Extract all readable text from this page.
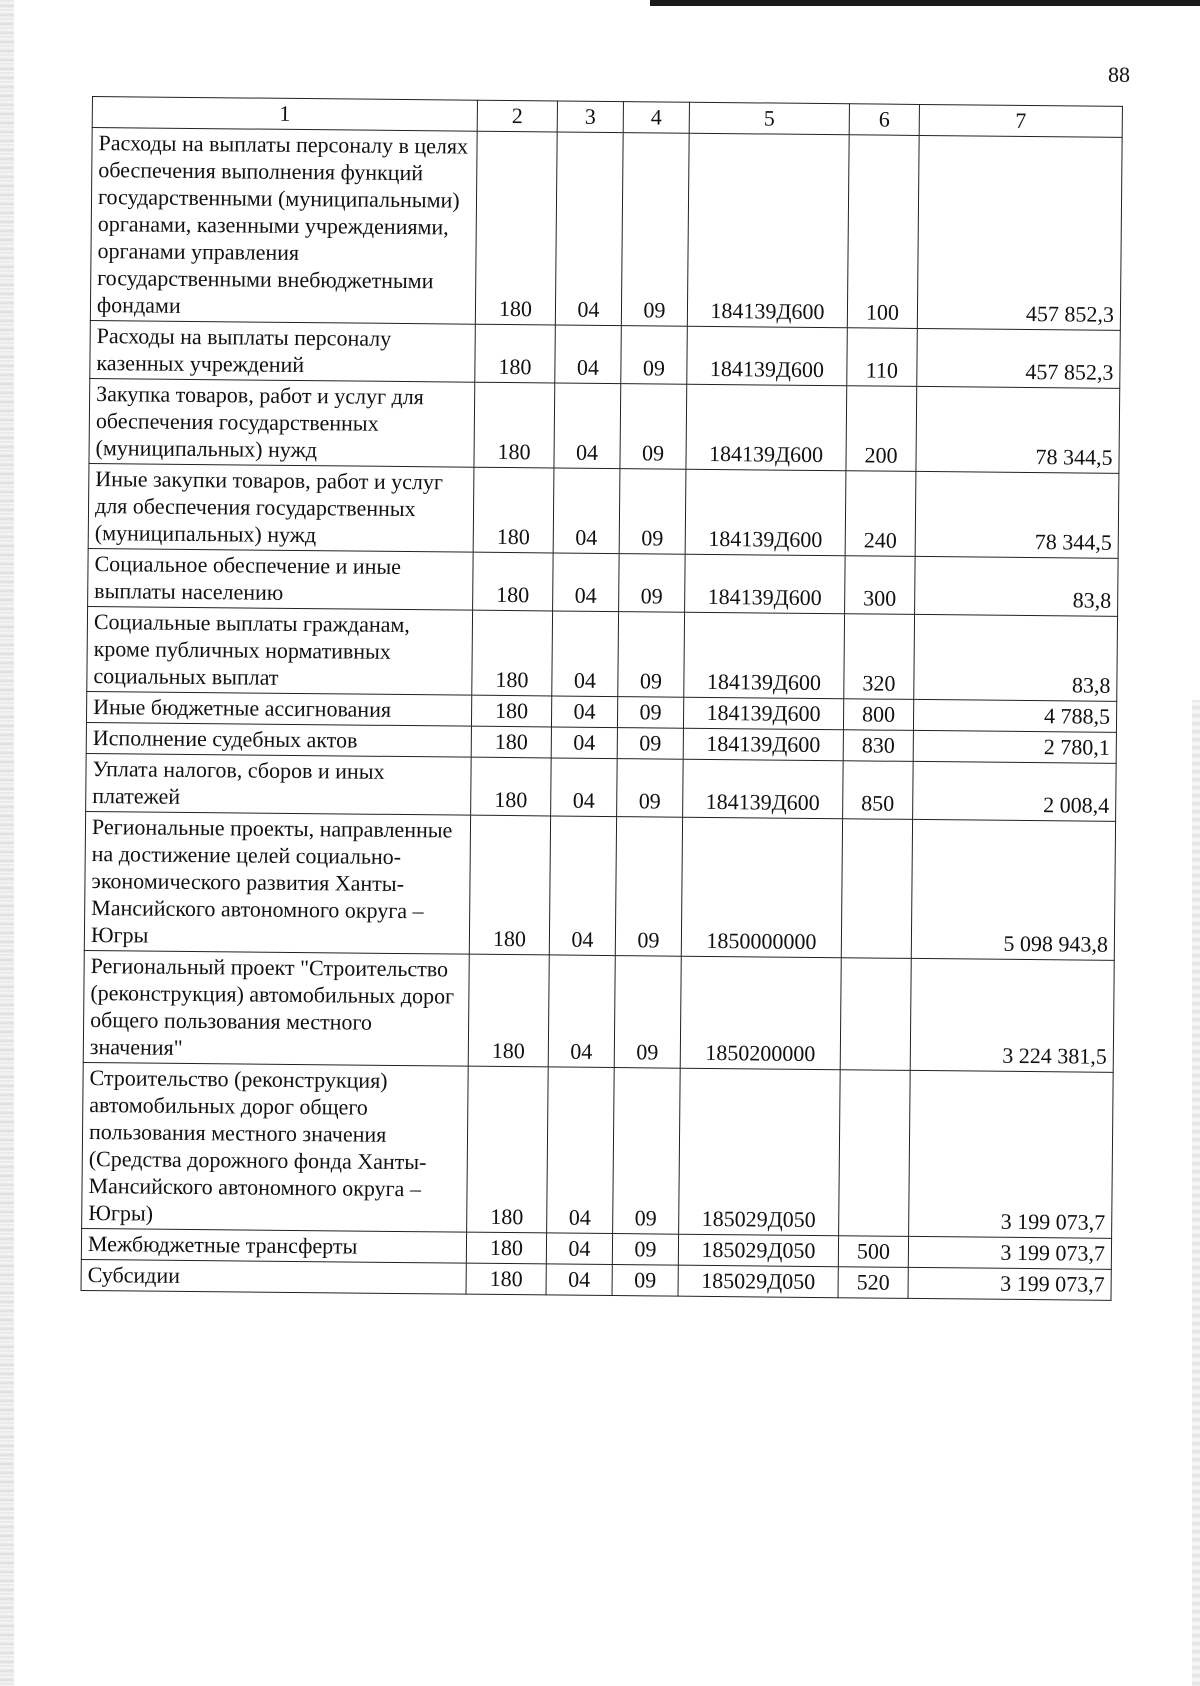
88
1	2	3	4	5	6	7
Расходы на выплаты персоналу в целях обеспечения выполнения функций государственными (муниципальными) органами, казенными учреждениями, органами управления государственными внебюджетными фондами	180	04	09	184139Д600	100	457 852,3
Расходы на выплаты персоналу казенных учреждений	180	04	09	184139Д600	110	457 852,3
Закупка товаров, работ и услуг для обеспечения государственных (муниципальных) нужд	180	04	09	184139Д600	200	78 344,5
Иные закупки товаров, работ и услуг для обеспечения государственных (муниципальных) нужд	180	04	09	184139Д600	240	78 344,5
Социальное обеспечение и иные выплаты населению	180	04	09	184139Д600	300	83,8
Социальные выплаты гражданам, кроме публичных нормативных социальных выплат	180	04	09	184139Д600	320	83,8
Иные бюджетные ассигнования	180	04	09	184139Д600	800	4 788,5
Исполнение судебных актов	180	04	09	184139Д600	830	2 780,1
Уплата налогов, сборов и иных платежей	180	04	09	184139Д600	850	2 008,4
Региональные проекты, направленные на достижение целей социально-экономического развития Ханты-Мансийского автономного округа – Югры	180	04	09	1850000000		5 098 943,8
Региональный проект "Строительство (реконструкция) автомобильных дорог общего пользования местного значения"	180	04	09	1850200000		3 224 381,5
Строительство (реконструкция) автомобильных дорог общего пользования местного значения (Средства дорожного фонда Ханты-Мансийского автономного округа – Югры)	180	04	09	185029Д050		3 199 073,7
Межбюджетные трансферты	180	04	09	185029Д050	500	3 199 073,7
Субсидии	180	04	09	185029Д050	520	3 199 073,7
